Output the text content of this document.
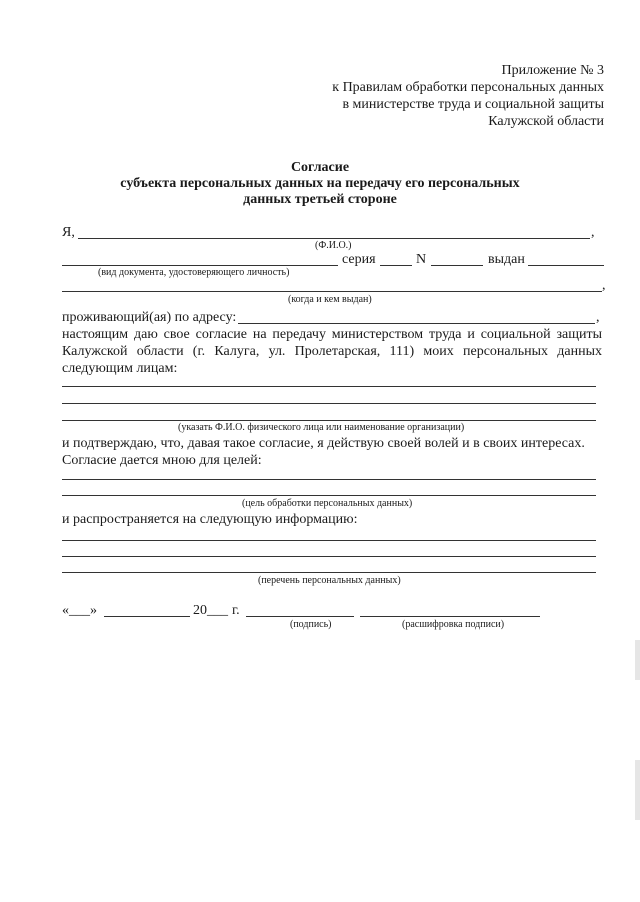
Приложение № 3
к Правилам обработки персональных данных
в министерстве труда и социальной защиты
Калужской области
Согласие
субъекта персональных данных на передачу его персональных
данных третьей стороне
Я,	,
(Ф.И.О.)
серия	N	выдан
(вид документа, удостоверяющего личность)
,
(когда и кем выдан)
проживающий(ая) по адресу:	,
настоящим даю свое согласие на передачу министерством труда и социальной защиты Калужской области (г. Калуга, ул. Пролетарская, 111) моих персональных данных следующим лицам:
(указать Ф.И.О. физического лица или наименование организации)
и подтверждаю, что, давая такое согласие, я действую своей волей и в своих интересах.
Согласие дается мною для целей:
(цель обработки персональных данных)
и распространяется на следующую информацию:
(перечень персональных данных)
«___»	20___ г.
(подпись)	(расшифровка подписи)
